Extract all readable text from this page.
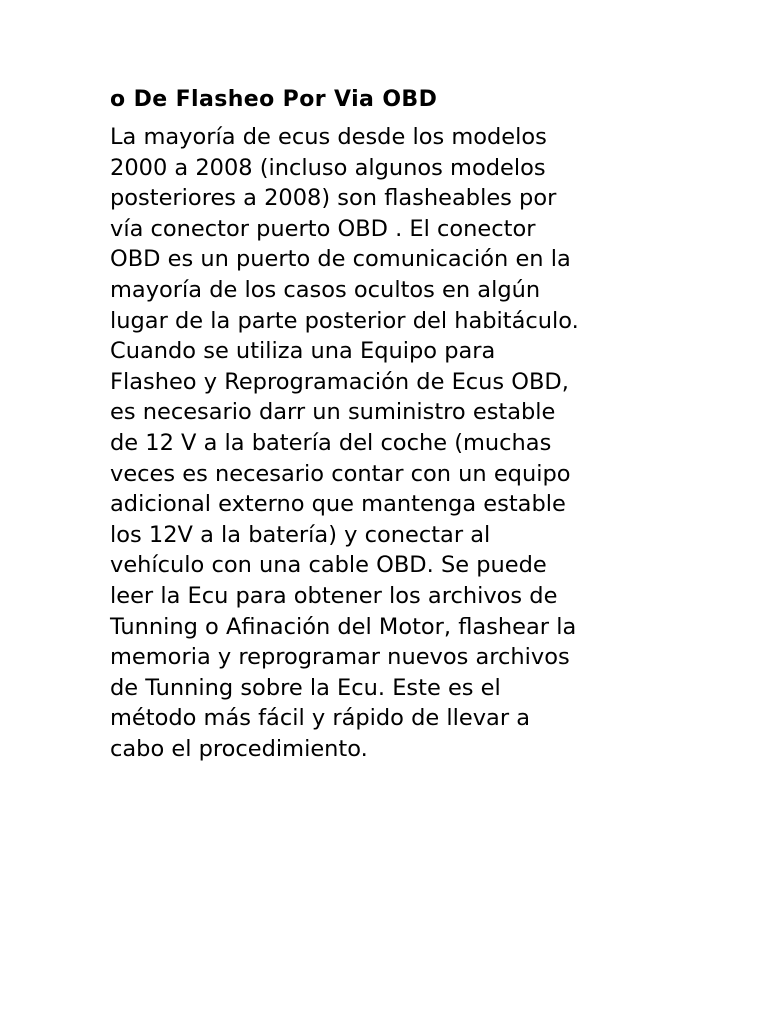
o De Flasheo Por Via OBD

La mayoría de ecus desde los modelos
2000 a 2008 (incluso algunos modelos
posteriores a 2008) son flasheables por
vía conector puerto OBD . El conector
OBD es un puerto de comunicación en la
mayoría de los casos ocultos en algún
lugar de la parte posterior del habitáculo.
Cuando se utiliza una Equipo para
Flasheo y Reprogramación de Ecus OBD,
es necesario darr un suministro estable
de 12 V a la batería del coche (muchas
veces es necesario contar con un equipo
adicional externo que mantenga estable
los 12V a la batería) y conectar al
vehículo con una cable OBD. Se puede
leer la Ecu para obtener los archivos de
Tunning o Afinación del Motor, flashear la
memoria y reprogramar nuevos archivos
de Tunning sobre la Ecu. Este es el
método más fácil y rápido de llevar a
cabo el procedimiento.
